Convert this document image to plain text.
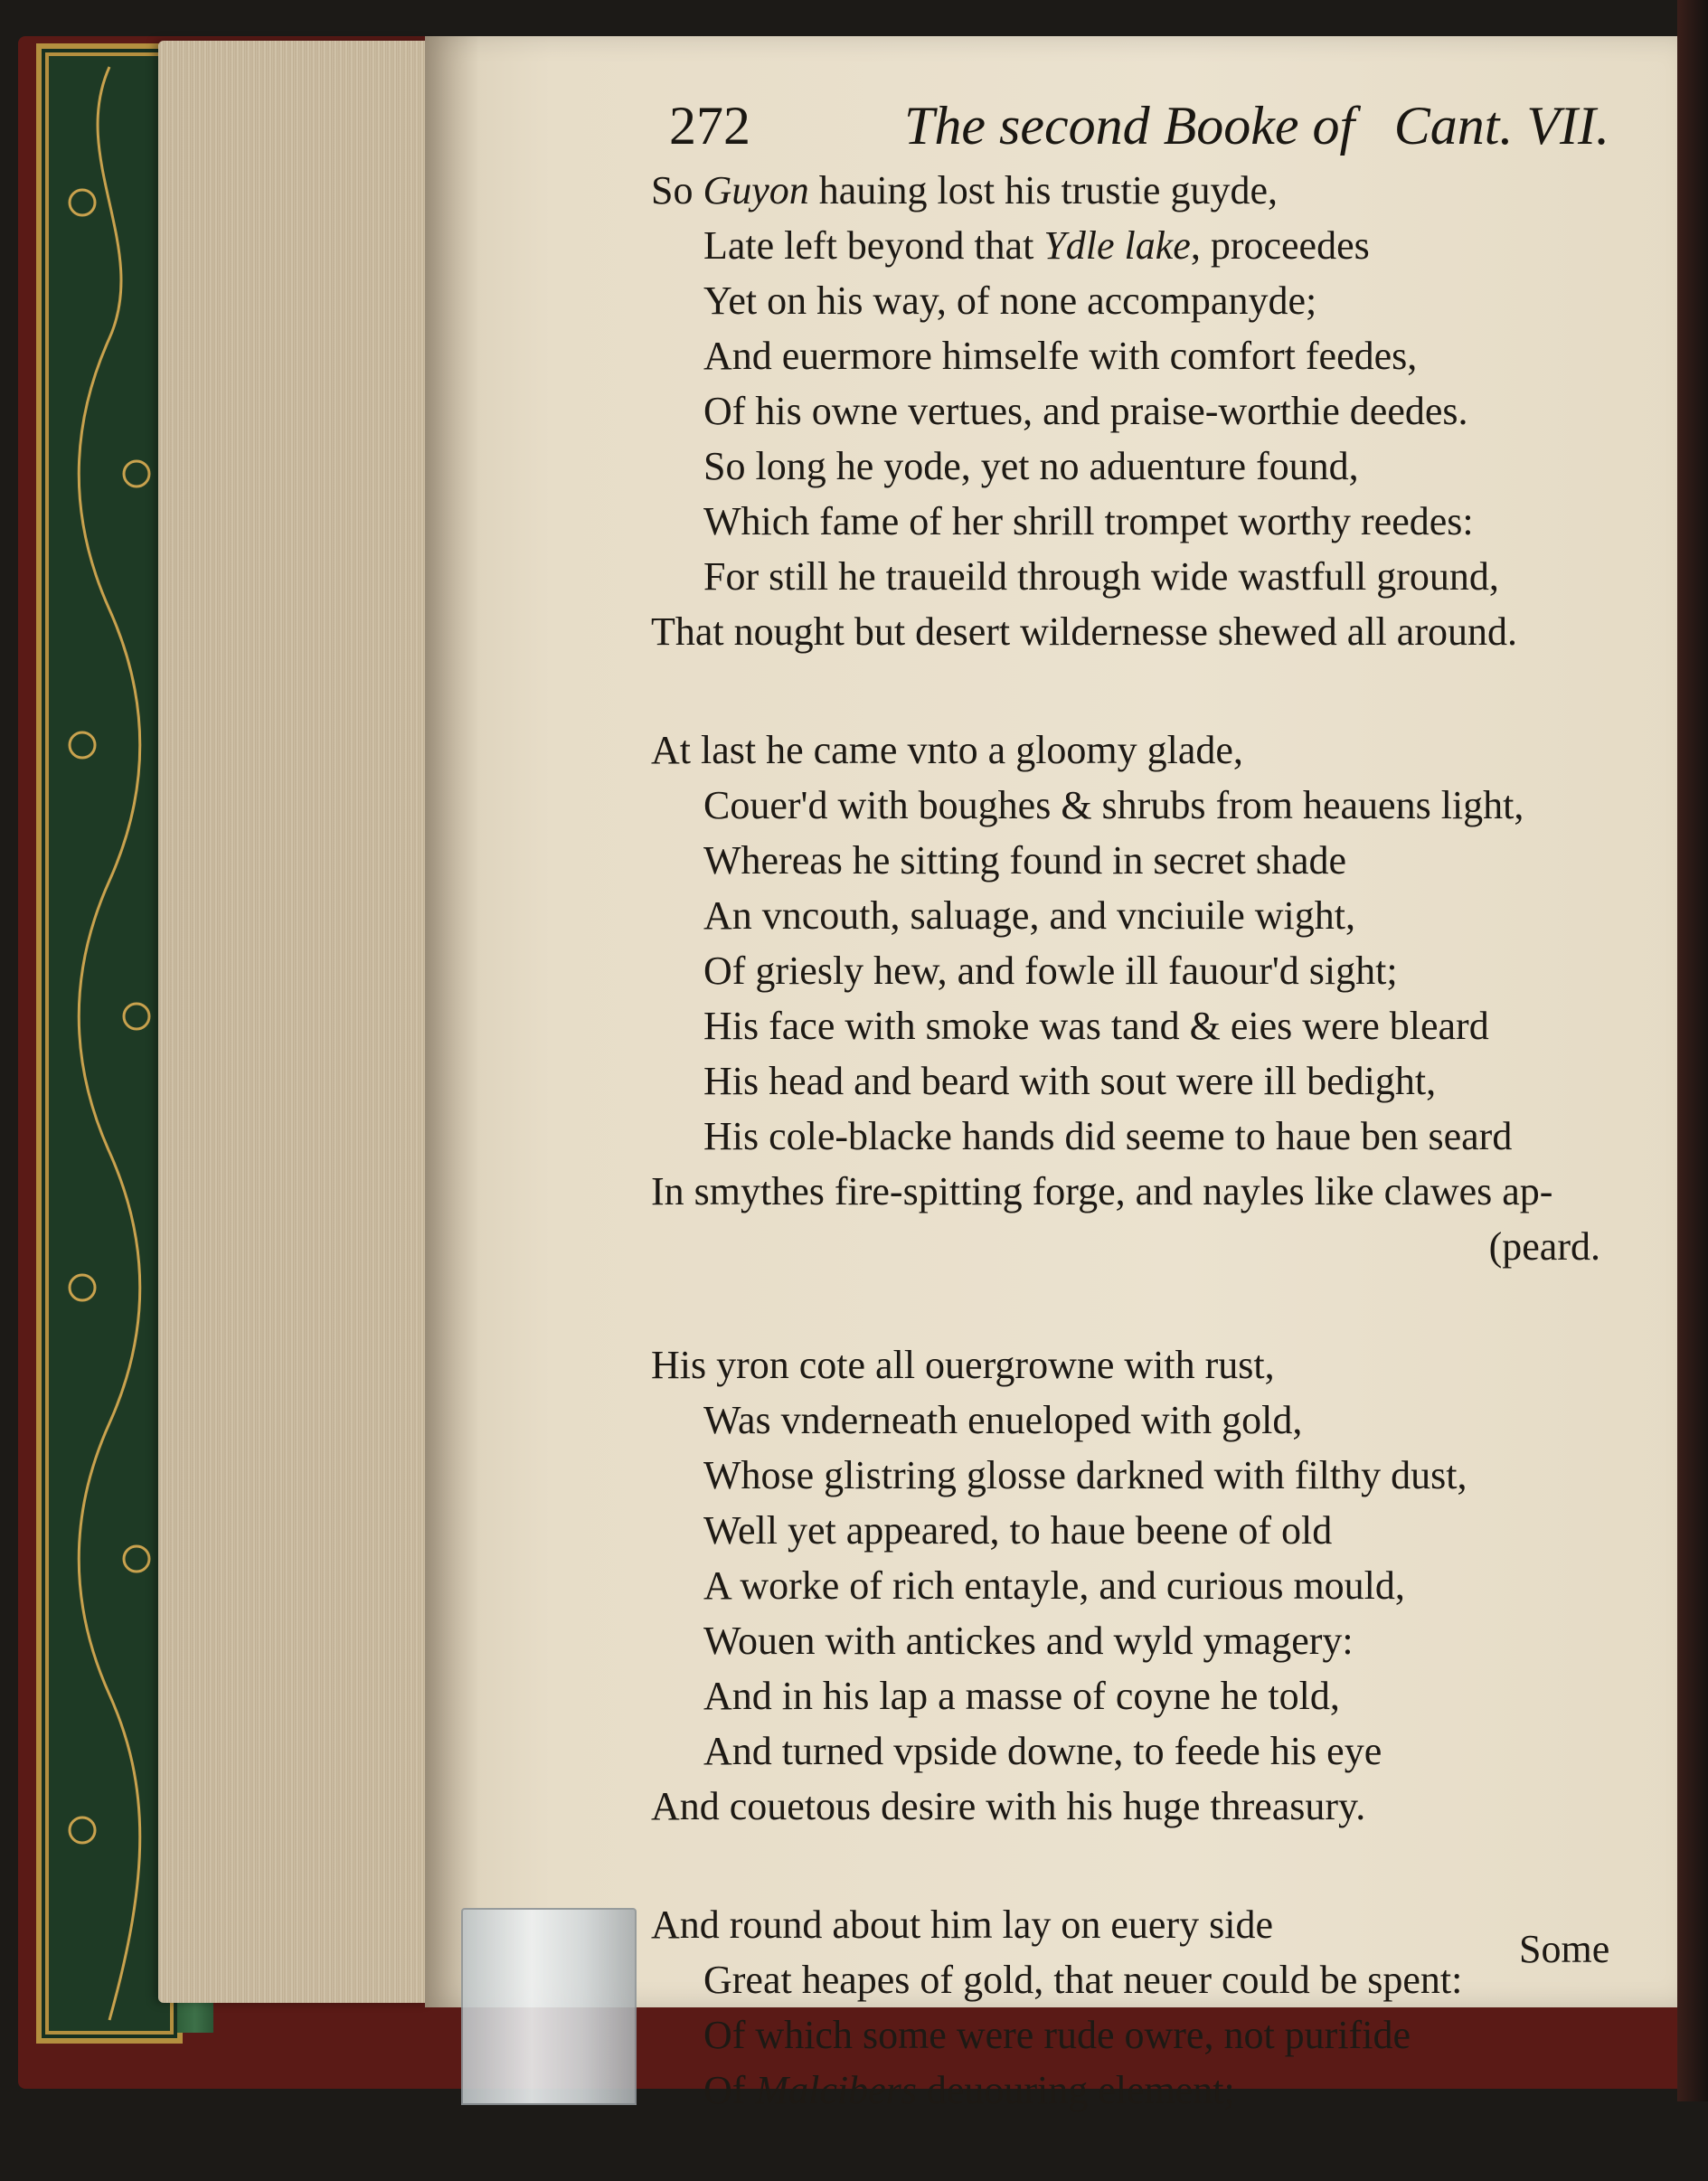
272	The second Booke of Cant. VII.
So Guyon hauing lost his trustie guyde,
Late left beyond that Ydle lake, proceedes
Yet on his way, of none accompanyde;
And euermore himselfe with comfort feedes,
Of his owne vertues, and praise-worthie deedes.
So long he yode, yet no aduenture found,
Which fame of her shrill trompet worthy reedes:
For still he traueild through wide wastfull ground,
That nought but desert wildernesse shewed all around.
At last he came vnto a gloomy glade,
Couer'd with boughes & shrubs from heauens light,
Whereas he sitting found in secret shade
An vncouth, saluage, and vnciuile wight,
Of griesly hew, and fowle ill fauour'd sight;
His face with smoke was tand & eies were bleard
His head and beard with sout were ill bedight,
His cole-blacke hands did seeme to haue ben seard
In smythes fire-spitting forge, and nayles like clawes ap-
(peard.
His yron cote all ouergrowne with rust,
Was vnderneath enueloped with gold,
Whose glistring glosse darkned with filthy dust,
Well yet appeared, to haue beene of old
A worke of rich entayle, and curious mould,
Wouen with antickes and wyld ymagery:
And in his lap a masse of coyne he told,
And turned vpside downe, to feede his eye
And couetous desire with his huge threasury.
And round about him lay on euery side
Great heapes of gold, that neuer could be spent:
Of which some were rude owre, not purifide
Of Malcibers deuouring element;
Some
